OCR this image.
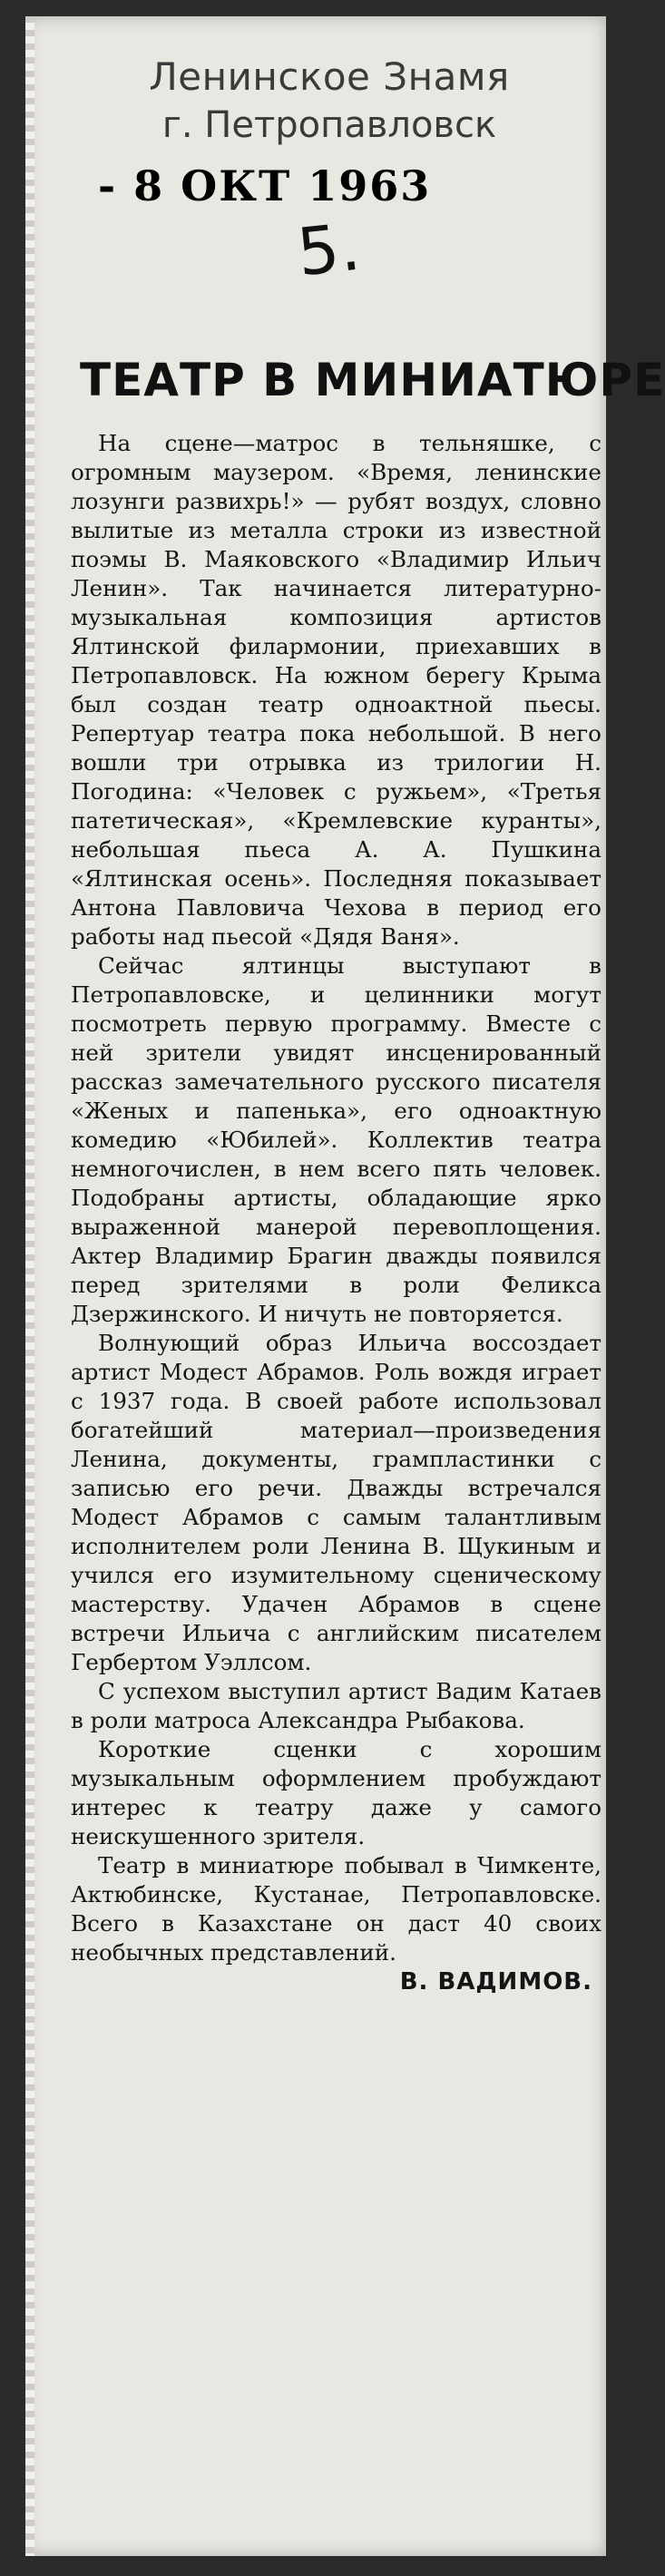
Ленинское Знамя

г. Петропавловск

- 8 ОКТ 1963
5.
ТЕАТР В МИНИАТЮРЕ

На сцене—матрос в тельняшке, с огромным маузером. «Время, ленинские лозунги развихрь!» — рубят воздух, словно вылитые из металла строки из известной поэмы В. Маяковского «Владимир Ильич Ленин». Так начинается литературно-музыкальная композиция артистов Ялтинской филармонии, приехавших в Петропавловск. На южном берегу Крыма был создан театр одноактной пьесы. Репертуар театра пока небольшой. В него вошли три отрывка из трилогии Н. Погодина: «Человек с ружьем», «Третья патетическая», «Кремлевские куранты», небольшая пьеса А. А. Пушкина «Ялтинская осень». Последняя показывает Антона Павловича Чехова в период его работы над пьесой «Дядя Ваня».

Сейчас ялтинцы выступают в Петропавловске, и целинники могут посмотреть первую программу. Вместе с ней зрители увидят инсценированный рассказ замечательного русского писателя «Женых и папенька», его одноактную комедию «Юбилей». Коллектив театра немногочислен, в нем всего пять человек. Подобраны артисты, обладающие ярко выраженной манерой перевоплощения. Актер Владимир Брагин дважды появился перед зрителями в роли Феликса Дзержинского. И ничуть не повторяется.

Волнующий образ Ильича воссоздает артист Модест Абрамов. Роль вождя играет с 1937 года. В своей работе использовал богатейший материал—произведения Ленина, документы, грампластинки с записью его речи. Дважды встречался Модест Абрамов с самым талантливым исполнителем роли Ленина В. Щукиным и учился его изумительному сценическому мастерству. Удачен Абрамов в сцене встречи Ильича с английским писателем Гербертом Уэллсом.

С успехом выступил артист Вадим Катаев в роли матроса Александра Рыбакова.

Короткие сценки с хорошим музыкальным оформлением пробуждают интерес к театру даже у самого неискушенного зрителя.

Театр в миниатюре побывал в Чимкенте, Актюбинске, Кустанае, Петропавловске. Всего в Казахстане он даст 40 своих необычных представлений.

В. ВАДИМОВ.
